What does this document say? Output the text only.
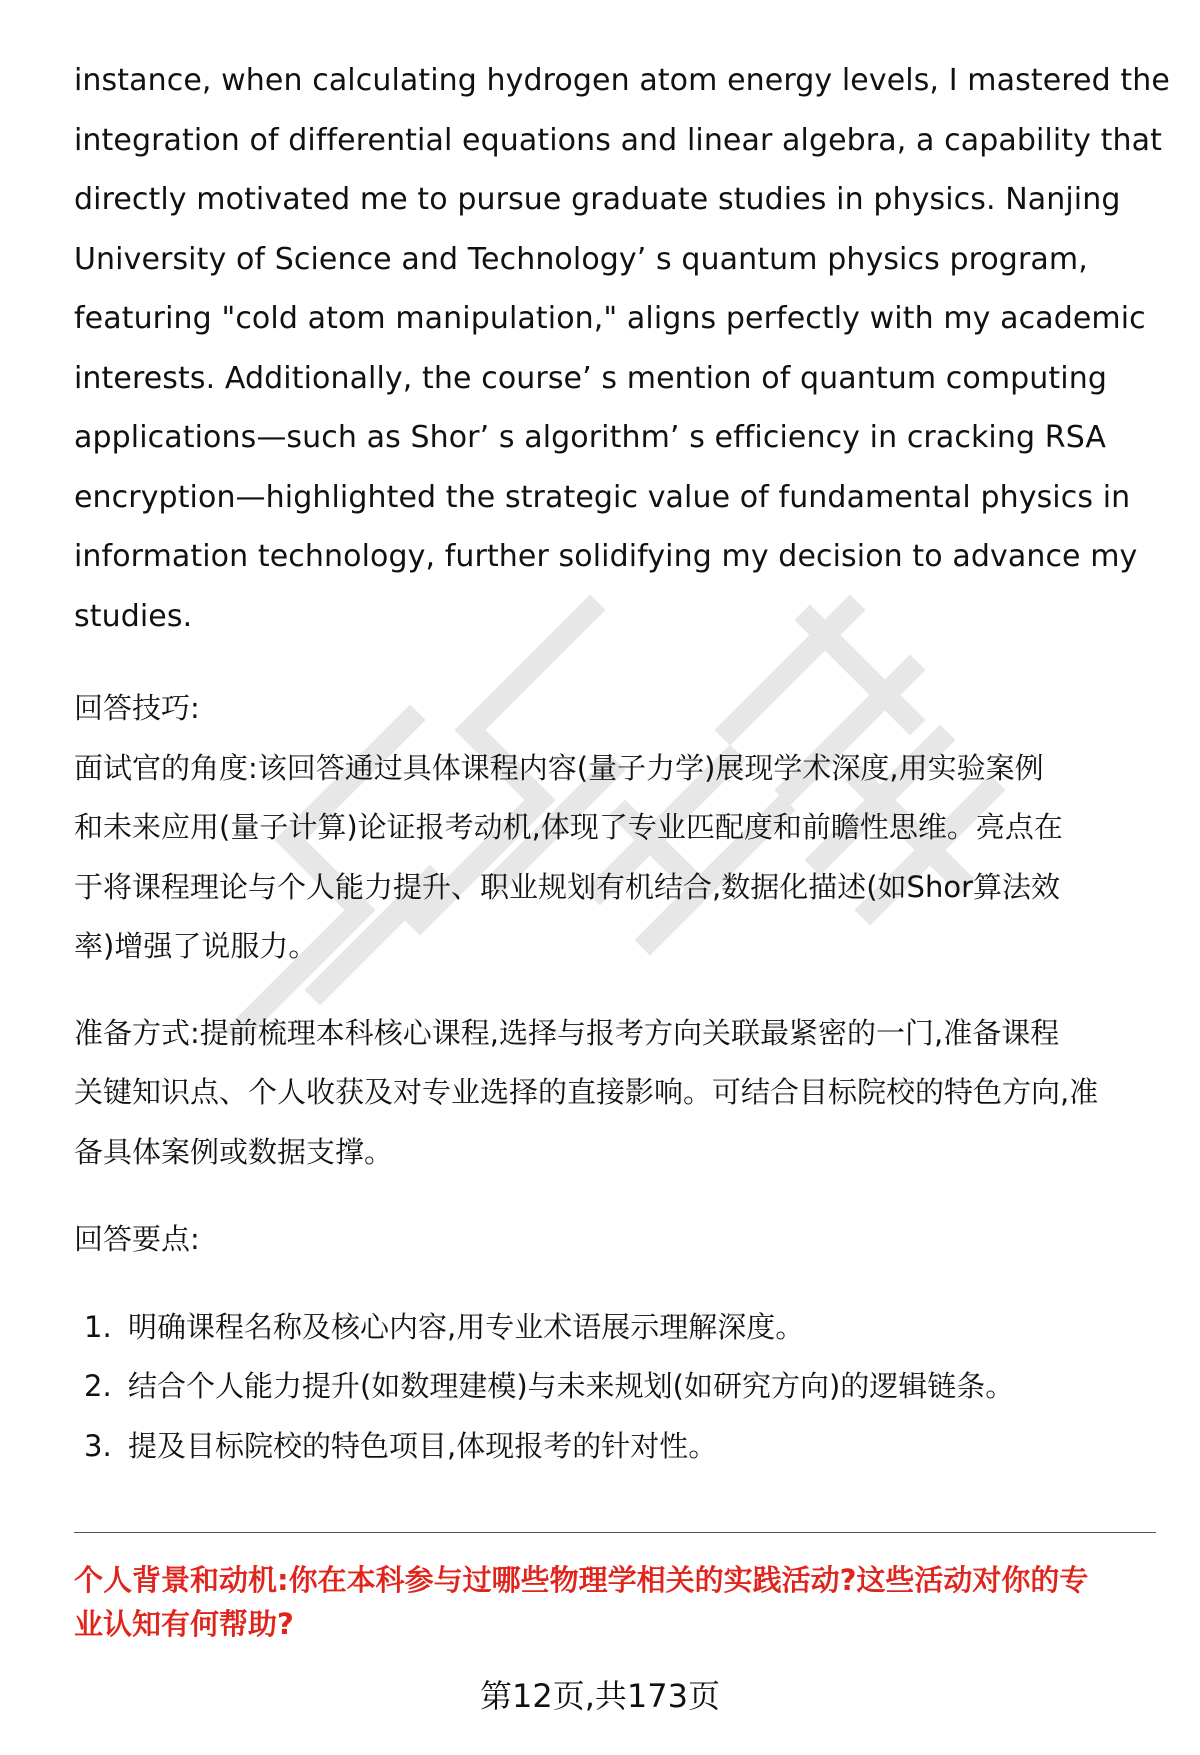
instance, when calculating hydrogen atom energy levels, I mastered the
integration of differential equations and linear algebra, a capability that
directly motivated me to pursue graduate studies in physics. Nanjing
University of Science and Technology’ s quantum physics program,
featuring "cold atom manipulation," aligns perfectly with my academic
interests. Additionally, the course’ s mention of quantum computing
applications—such as Shor’ s algorithm’ s efficiency in cracking RSA
encryption—highlighted the strategic value of fundamental physics in
information technology, further solidifying my decision to advance my
studies.

回答技巧:

面试官的角度:该回答通过具体课程内容(量子力学)展现学术深度,用实验案例
和未来应用(量子计算)论证报考动机,体现了专业匹配度和前瞻性思维。亮点在
于将课程理论与个人能力提升、职业规划有机结合,数据化描述(如Shor算法效
率)增强了说服力。

准备方式:提前梳理本科核心课程,选择与报考方向关联最紧密的一门,准备课程
关键知识点、个人收获及对专业选择的直接影响。可结合目标院校的特色方向,准
备具体案例或数据支撑。

回答要点:

1. 明确课程名称及核心内容,用专业术语展示理解深度。
2. 结合个人能力提升(如数理建模)与未来规划(如研究方向)的逻辑链条。
3. 提及目标院校的特色项目,体现报考的针对性。
个人背景和动机:你在本科参与过哪些物理学相关的实践活动?这些活动对你的专
业认知有何帮助?
第12页,共173页
